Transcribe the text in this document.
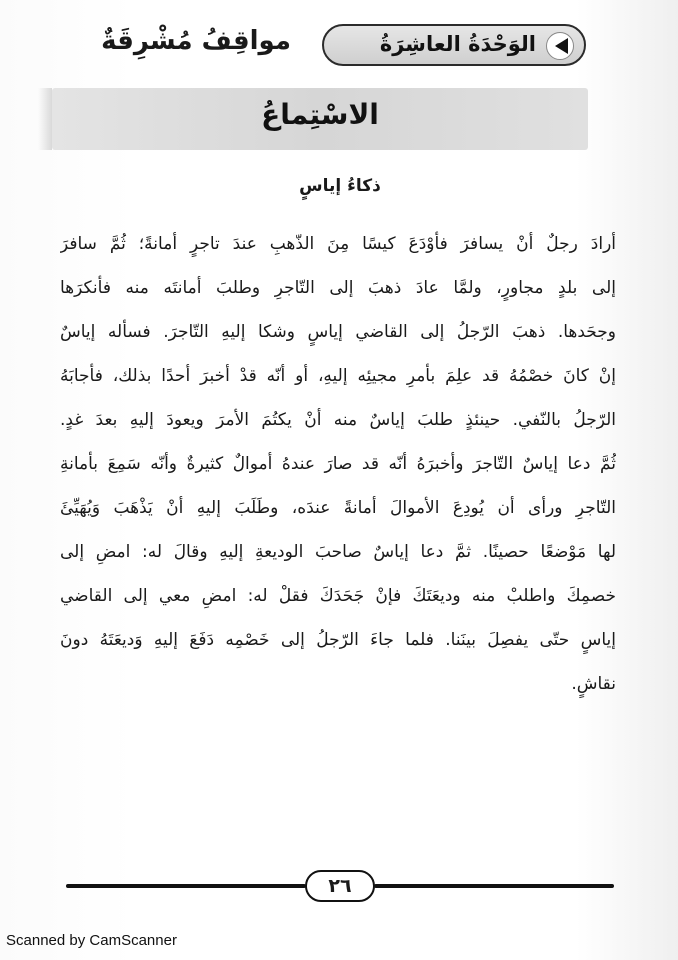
الوَحْدَةُ العاشِرَةُ
مواقِفُ مُشْرِقَةٌ
الاسْتِماعُ
ذكاءُ إياسٍ
أرادَ رجلٌ أنْ يسافرَ فأوْدَعَ كيسًا مِنَ الذّهبِ عندَ تاجرٍ أمانةً؛ ثُمَّ سافرَ
إلى بلدٍ مجاورٍ، ولمَّا عادَ ذهبَ إلى التّاجرِ وطلبَ أمانتَه منه فأنكرَها
وجحَدها. ذهبَ الرّجلُ إلى القاضي إياسٍ وشكا إليهِ التّاجرَ. فسأله إياسٌ
إنْ كانَ خصْمُهُ قد علِمَ بأمرِ مجيئِه إليهِ، أو أنّه قدْ أخبرَ أحدًا بذلك، فأجابَهُ
الرّجلُ بالنّفي. حينئذٍ طلبَ إياسٌ منه أنْ يكتُمَ الأمرَ ويعودَ إليهِ بعدَ غدٍ.
ثُمَّ دعا إياسٌ التّاجرَ وأخبرَهُ أنّه قد صارَ عندهُ أموالٌ كثيرةٌ وأنّه سَمِعَ بأمانةِ
التّاجرِ ورأى أن يُودِعَ الأموالَ أمانةً عندَه، وطَلَبَ إليهِ أنْ يَذْهَبَ وَيُهَيِّئَ
لها مَوْضعًا حصينًا. ثمَّ دعا إياسٌ صاحبَ الوديعةِ إليهِ وقالَ له: امضِ إلى
خصمِكَ واطلبْ منه وديعَتَكَ فإنْ جَحَدَكَ فقلْ له: امضِ معي إلى القاضي
إياسٍ حتّى يفصِلَ بينَنا. فلما جاءَ الرّجلُ إلى خَصْمِه دَفَعَ إليهِ وَديعَتَهُ دونَ
نقاشٍ.
٢٦
Scanned by CamScanner
